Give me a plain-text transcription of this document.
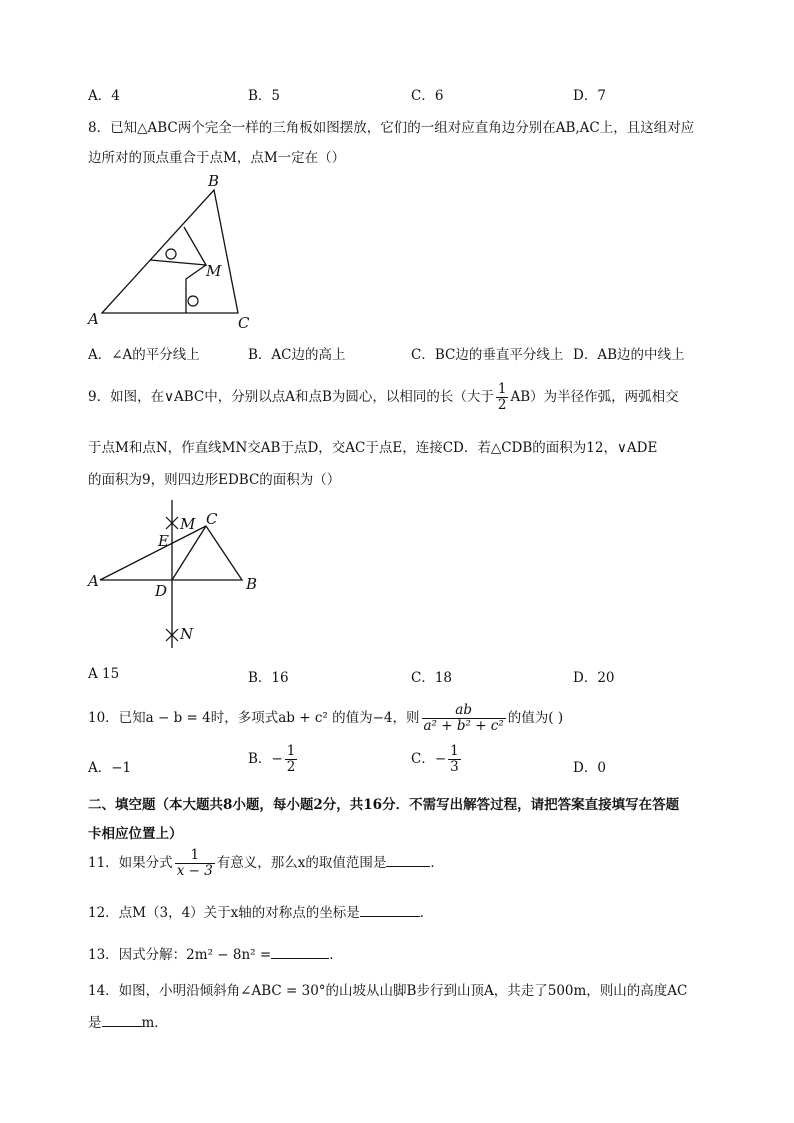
A．4	B．5	C．6	D．7
8．已知△ABC两个完全一样的三角板如图摆放，它们的一组对应直角边分别在AB,AC上，且这组对应
边所对的顶点重合于点M，点M一定在（）
B
M
A	C
A．∠A的平分线上	B．AC边的高上	C．BC边的垂直平分线上 D．AB边的中线上
9．如图，在∨ABC中，分别以点A和点B为圆心，以相同的长（大于 $\frac{1}{2} AB$）为半径作弧，两弧相交
于点M和点N，作直线MN交AB于点D，交AC于点E，连接CD．若△CDB的面积为12，∨ADE
的面积为9，则四边形EDBC的面积为（）
M C
E
A	B
D
N
A 15	B．16	C．18	D．20
10．已知a − b = 4时，多项式ab + c² 的值为−4，则 $\frac{ab}{\text{a² + b² + c²}}$ 的值为( )
A．−1
B．− $\frac{1}{2}$	C．− $\frac{1}{3}$	D．0
二、填空题（本大题共8小题，每小题2分，共16分．不需写出解答过程，请把答案直接填写在答题
卡相应位置上）
11．如果分式 $\frac{1}{x - 3}$ 有意义，那么x的取值范围是	．
12．点M（3，4）关于x轴的对称点的坐标是	．
13．因式分解：2m² − 8n² =	．
14．如图，小明沿倾斜角∠ABC = 30°的山坡从山脚B步行到山顶A，共走了500m，则山的高度AC
是	m．
